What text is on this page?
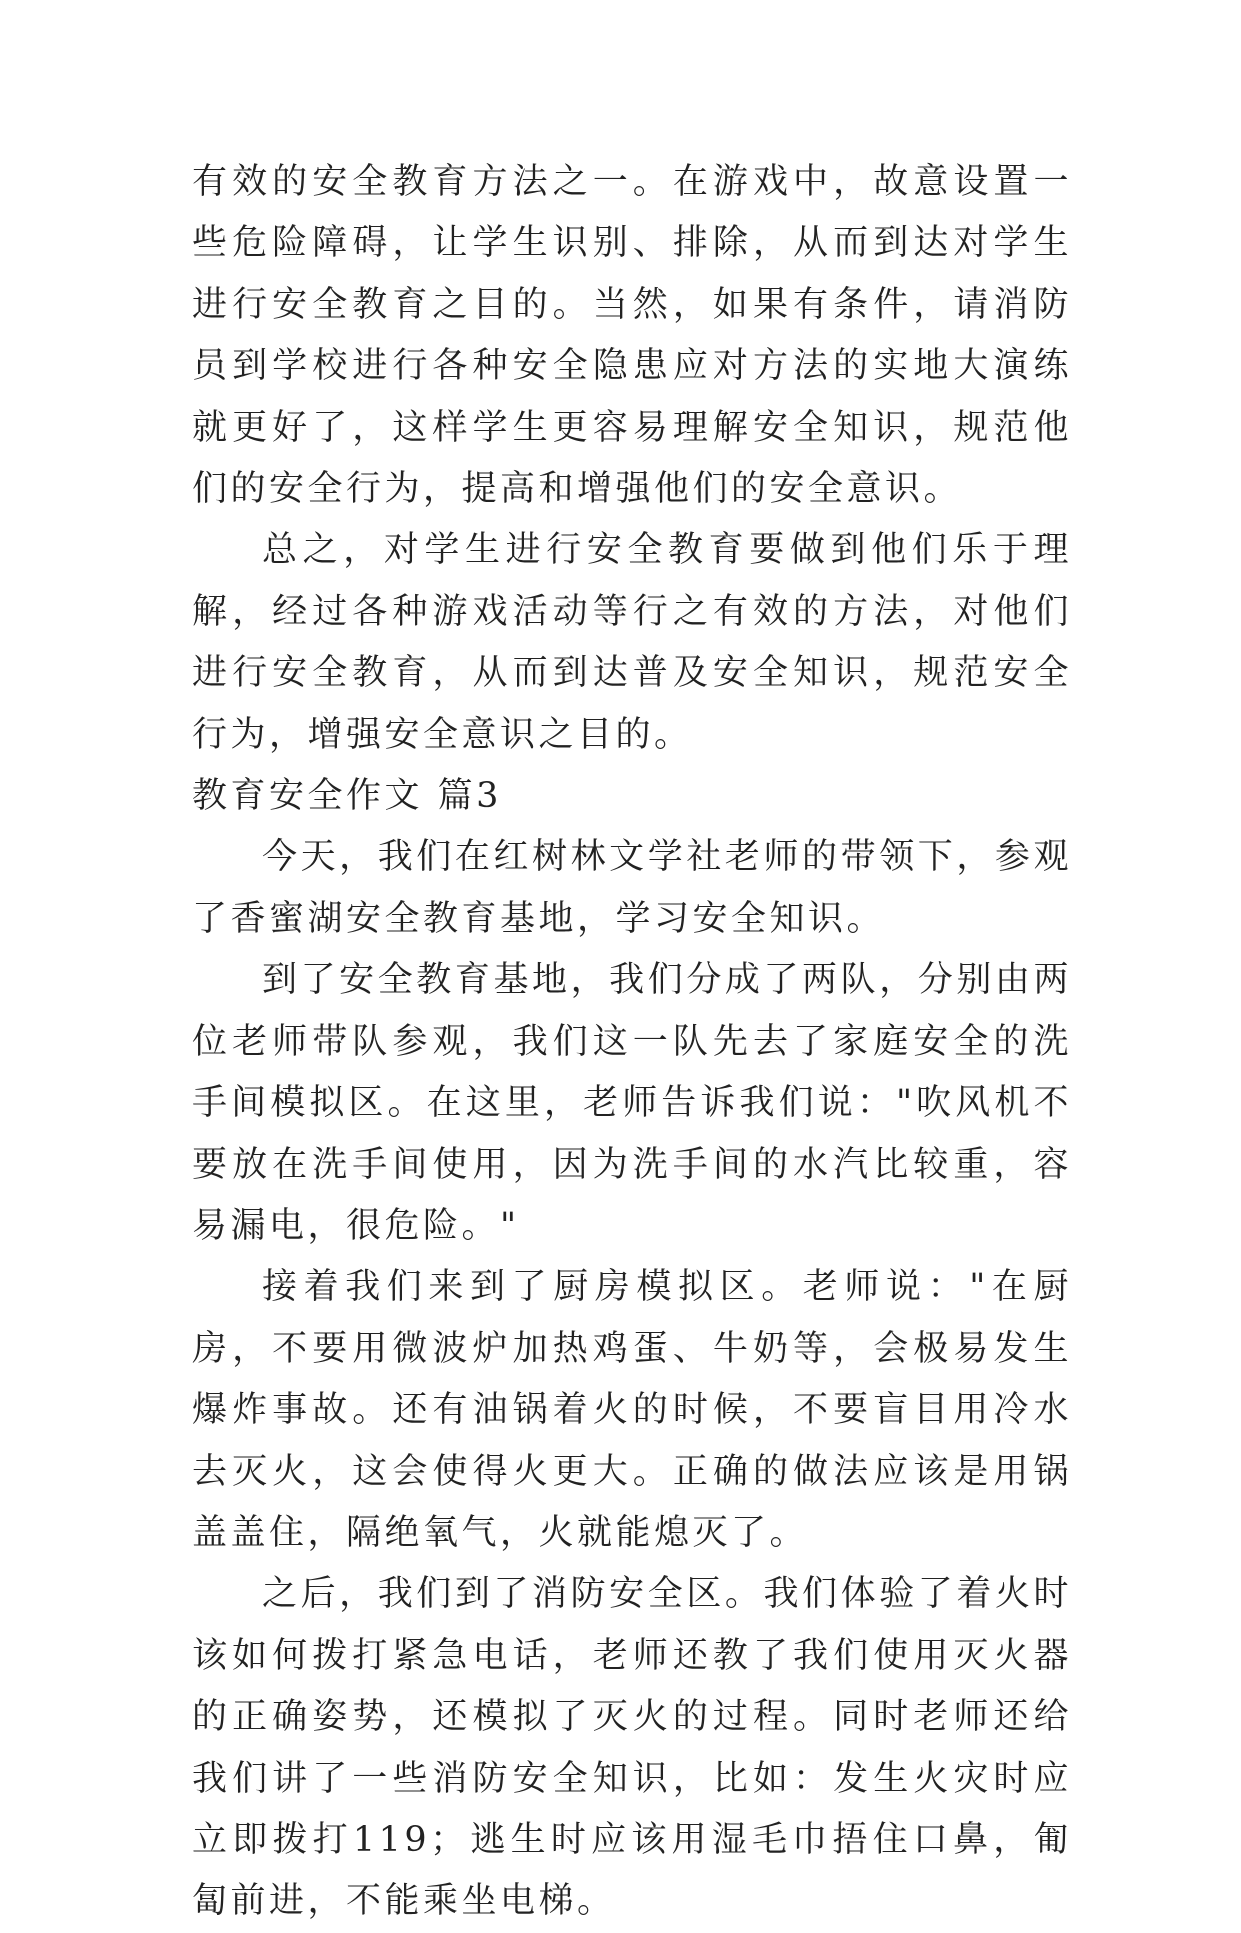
有效的安全教育方法之一。在游戏中，故意设置一些危险障碍，让学生识别、排除，从而到达对学生进行安全教育之目的。当然，如果有条件，请消防员到学校进行各种安全隐患应对方法的实地大演练就更好了，这样学生更容易理解安全知识，规范他们的安全行为，提高和增强他们的安全意识。

总之，对学生进行安全教育要做到他们乐于理解，经过各种游戏活动等行之有效的方法，对他们进行安全教育，从而到达普及安全知识，规范安全行为，增强安全意识之目的。

教育安全作文 篇3

今天，我们在红树林文学社老师的带领下，参观了香蜜湖安全教育基地，学习安全知识。

到了安全教育基地，我们分成了两队，分别由两位老师带队参观，我们这一队先去了家庭安全的洗手间模拟区。在这里，老师告诉我们说："吹风机不要放在洗手间使用，因为洗手间的水汽比较重，容易漏电，很危险。"

接着我们来到了厨房模拟区。老师说："在厨房，不要用微波炉加热鸡蛋、牛奶等，会极易发生爆炸事故。还有油锅着火的时候，不要盲目用冷水去灭火，这会使得火更大。正确的做法应该是用锅盖盖住，隔绝氧气，火就能熄灭了。

之后，我们到了消防安全区。我们体验了着火时该如何拨打紧急电话，老师还教了我们使用灭火器的正确姿势，还模拟了灭火的过程。同时老师还给我们讲了一些消防安全知识，比如：发生火灾时应立即拨打119；逃生时应该用湿毛巾捂住口鼻，匍匐前进，不能乘坐电梯。
